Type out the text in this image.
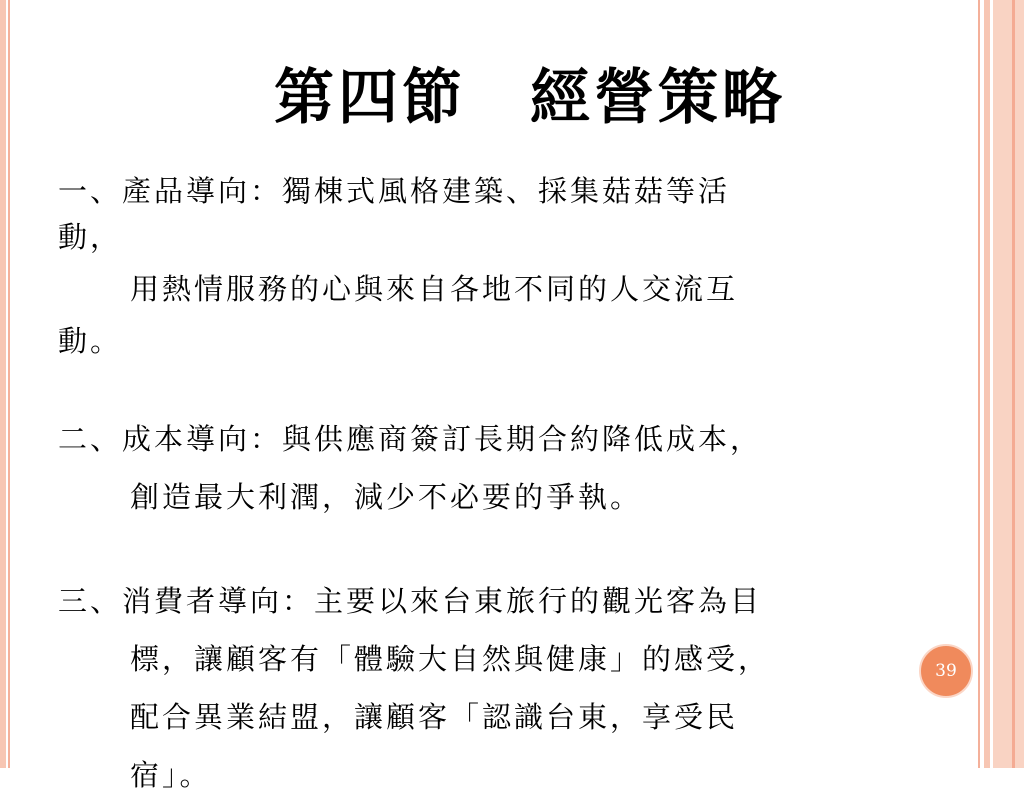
第四節　經營策略
一、產品導向：獨棟式風格建築、採集菇菇等活
動，
用熱情服務的心與來自各地不同的人交流互
動。
二、成本導向：與供應商簽訂長期合約降低成本，
創造最大利潤，減少不必要的爭執。
三、消費者導向：主要以來台東旅行的觀光客為目
標，讓顧客有「體驗大自然與健康」的感受，
配合異業結盟，讓顧客「認識台東，享受民
宿」。
39
